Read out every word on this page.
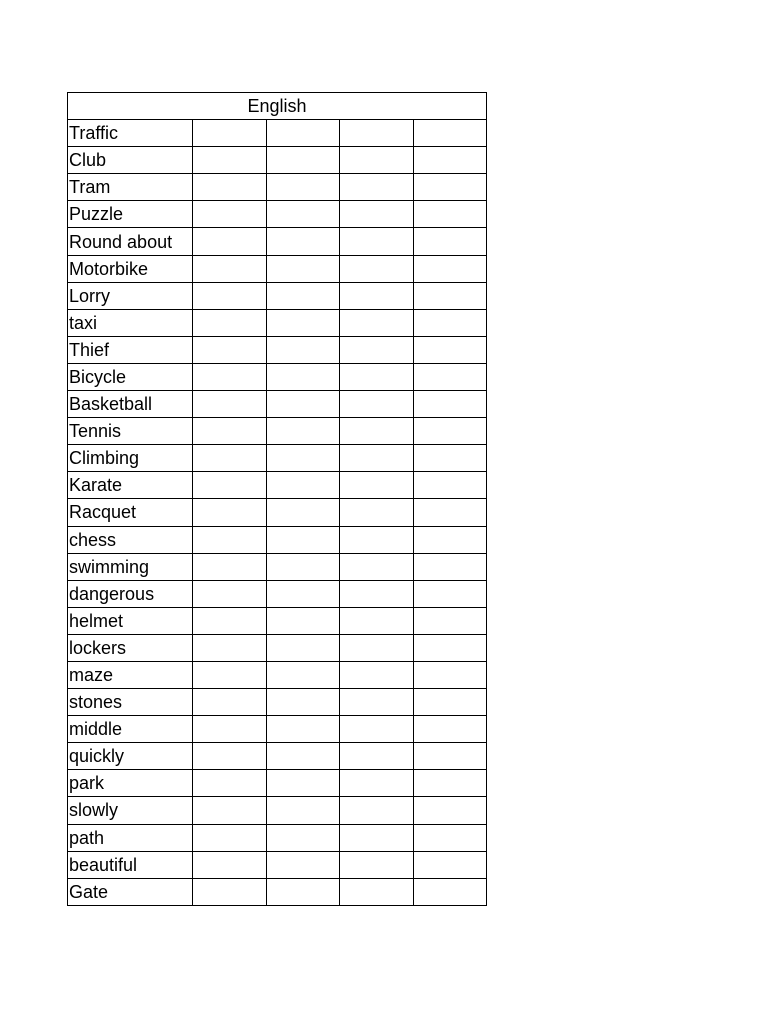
English				
Traffic				
Club				
Tram				
Puzzle				
Round about				
Motorbike				
Lorry				
taxi				
Thief				
Bicycle				
Basketball				
Tennis				
Climbing				
Karate				
Racquet				
chess				
swimming				
dangerous				
helmet				
lockers				
maze				
stones				
middle				
quickly				
park				
slowly				
path				
beautiful				
Gate				
